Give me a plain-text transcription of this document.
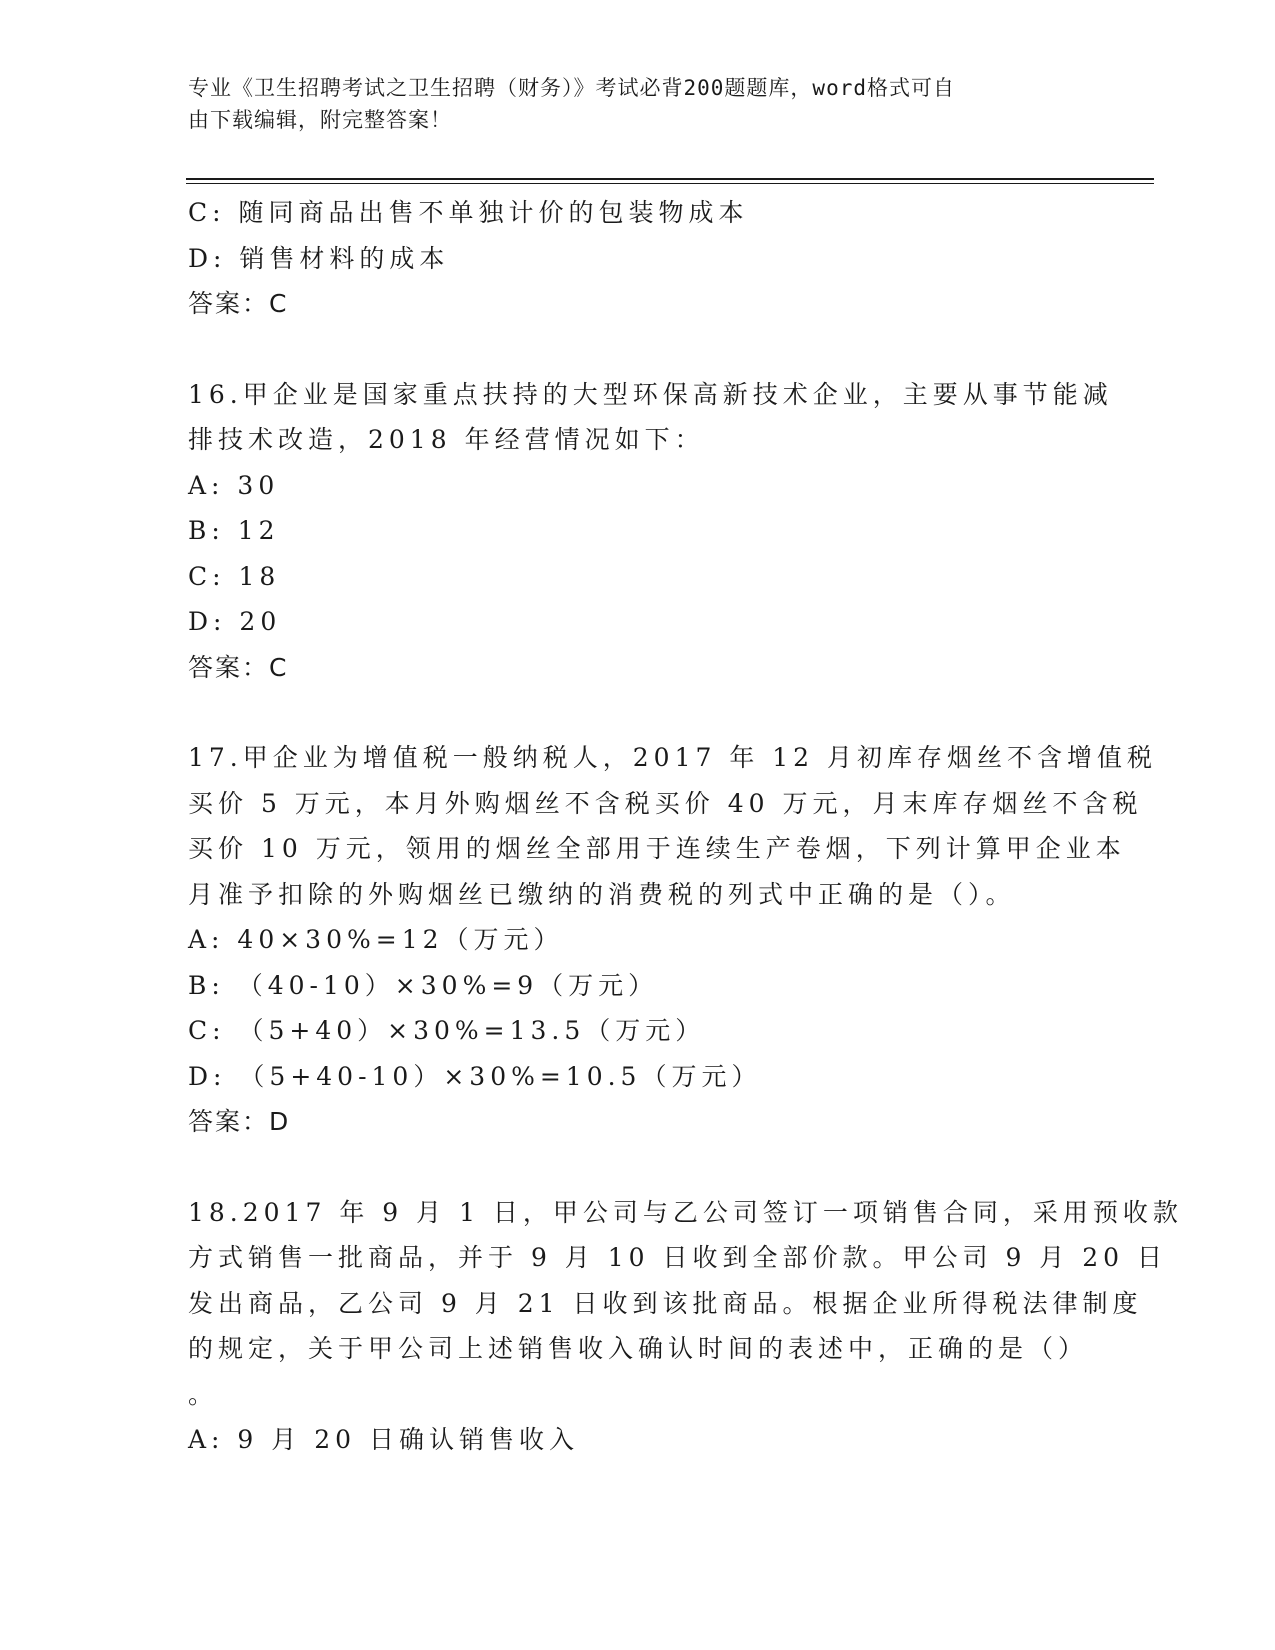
专业《卫生招聘考试之卫生招聘（财务）》考试必背200题题库，word格式可自
由下载编辑，附完整答案！
C: 随同商品出售不单独计价的包装物成本
D: 销售材料的成本
答案：C
16.甲企业是国家重点扶持的大型环保高新技术企业，主要从事节能减
排技术改造，2018 年经营情况如下：
A: 30
B: 12
C: 18
D: 20
答案：C
17.甲企业为增值税一般纳税人，2017 年 12 月初库存烟丝不含增值税
买价 5 万元，本月外购烟丝不含税买价 40 万元，月末库存烟丝不含税
买价 10 万元，领用的烟丝全部用于连续生产卷烟，下列计算甲企业本
月准予扣除的外购烟丝已缴纳的消费税的列式中正确的是（）。
A: 40×30%=12（万元）
B: （40-10）×30%=9（万元）
C: （5+40）×30%=13.5（万元）
D: （5+40-10）×30%=10.5（万元）
答案：D
18.2017 年 9 月 1 日，甲公司与乙公司签订一项销售合同，采用预收款
方式销售一批商品，并于 9 月 10 日收到全部价款。甲公司 9 月 20 日
发出商品，乙公司 9 月 21 日收到该批商品。根据企业所得税法律制度
的规定，关于甲公司上述销售收入确认时间的表述中，正确的是（）
。
A: 9 月 20 日确认销售收入
